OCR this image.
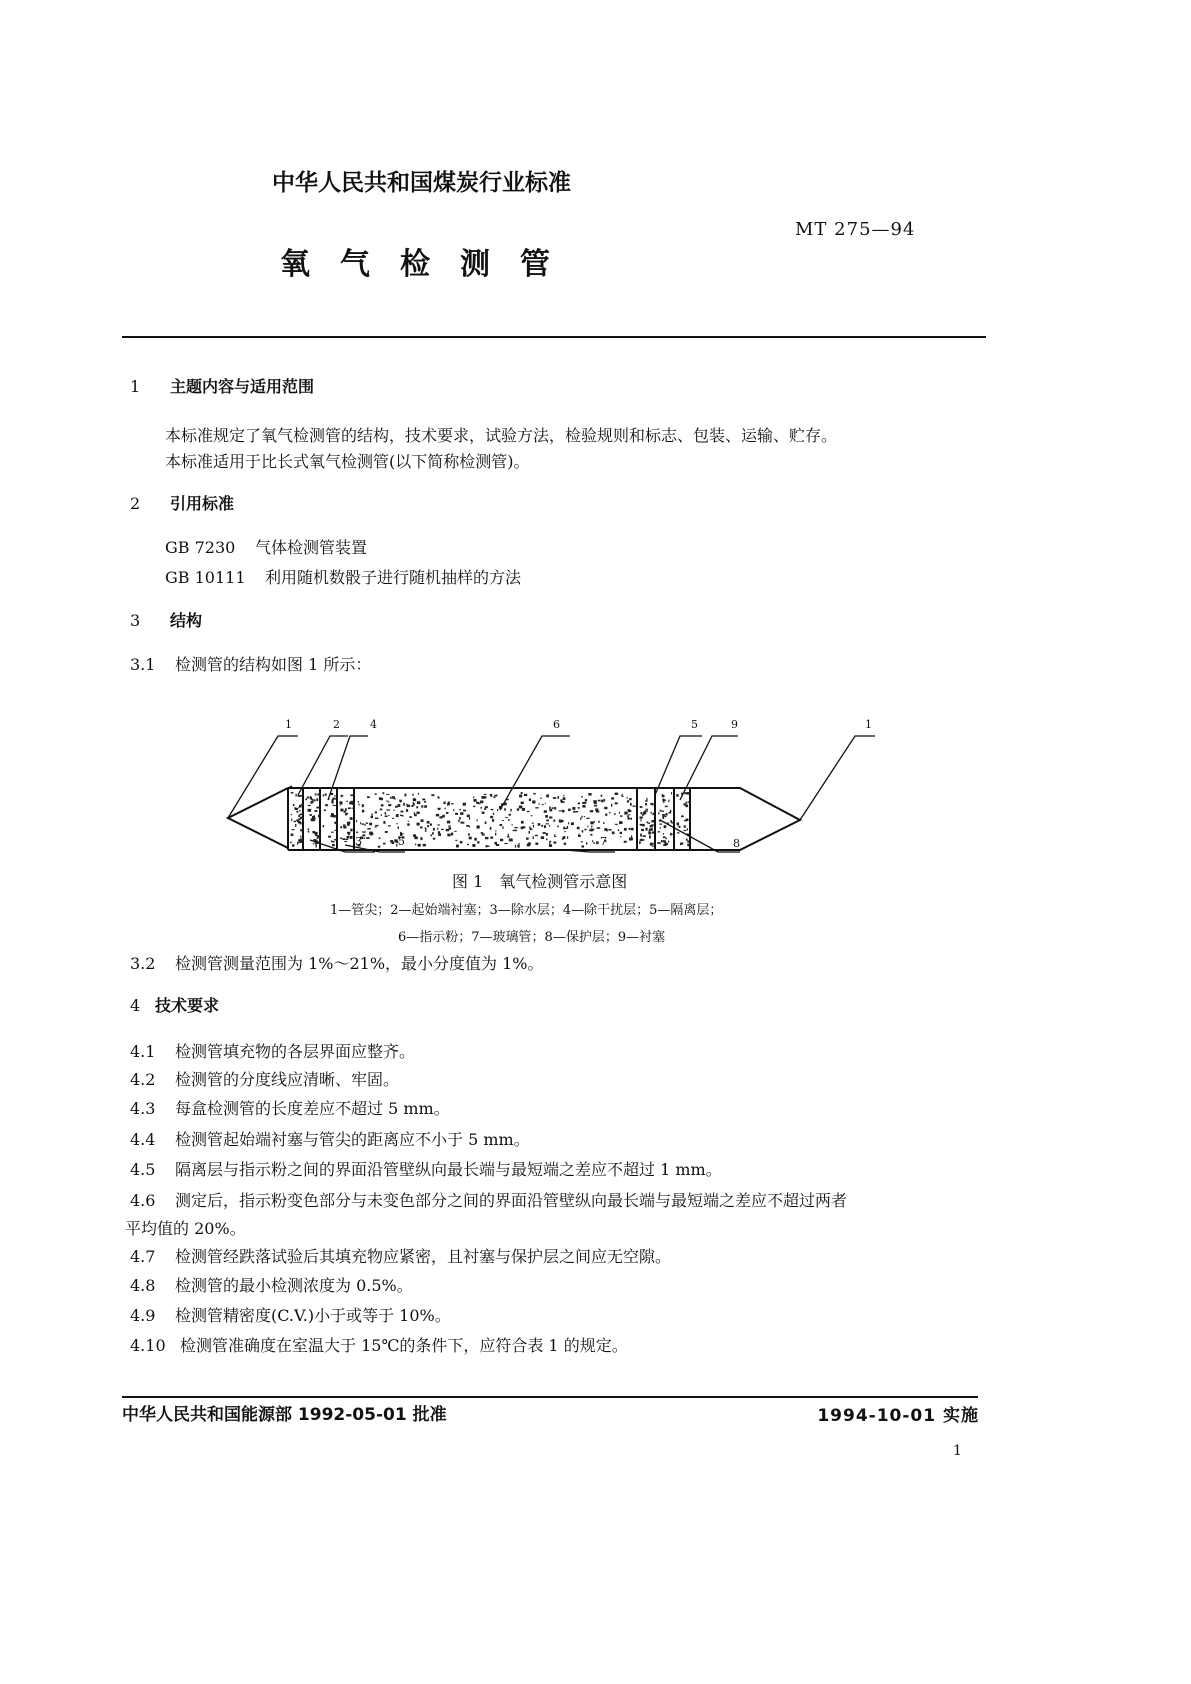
中华人民共和国煤炭行业标准
MT 275—94
氧　气　检　测　管
1 主题内容与适用范围
本标准规定了氧气检测管的结构，技术要求，试验方法，检验规则和标志、包装、运输、贮存。
本标准适用于比长式氧气检测管(以下简称检测管)。
2 引用标准
GB 7230 气体检测管装置
GB 10111 利用随机数骰子进行随机抽样的方法
3 结构
3.1 检测管的结构如图 1 所示：
1	2	4	6	5	9	1
3	5	7	8
图 1　氧气检测管示意图
1—管尖；2—起始端衬塞；3—除水层；4—除干扰层；5—隔离层；
6—指示粉；7—玻璃管；8—保护层；9—衬塞
3.2 检测管测量范围为 1%～21%，最小分度值为 1%。
4 技术要求
4.1 检测管填充物的各层界面应整齐。
4.2 检测管的分度线应清晰、牢固。
4.3 每盒检测管的长度差应不超过 5 mm。
4.4 检测管起始端衬塞与管尖的距离应不小于 5 mm。
4.5 隔离层与指示粉之间的界面沿管壁纵向最长端与最短端之差应不超过 1 mm。
4.6 测定后，指示粉变色部分与未变色部分之间的界面沿管壁纵向最长端与最短端之差应不超过两者
平均值的 20%。
4.7 检测管经跌落试验后其填充物应紧密，且衬塞与保护层之间应无空隙。
4.8 检测管的最小检测浓度为 0.5%。
4.9 检测管精密度(C.V.)小于或等于 10%。
4.10 检测管准确度在室温大于 15℃的条件下，应符合表 1 的规定。
中华人民共和国能源部 1992-05-01 批准	1994-10-01 实施
1
